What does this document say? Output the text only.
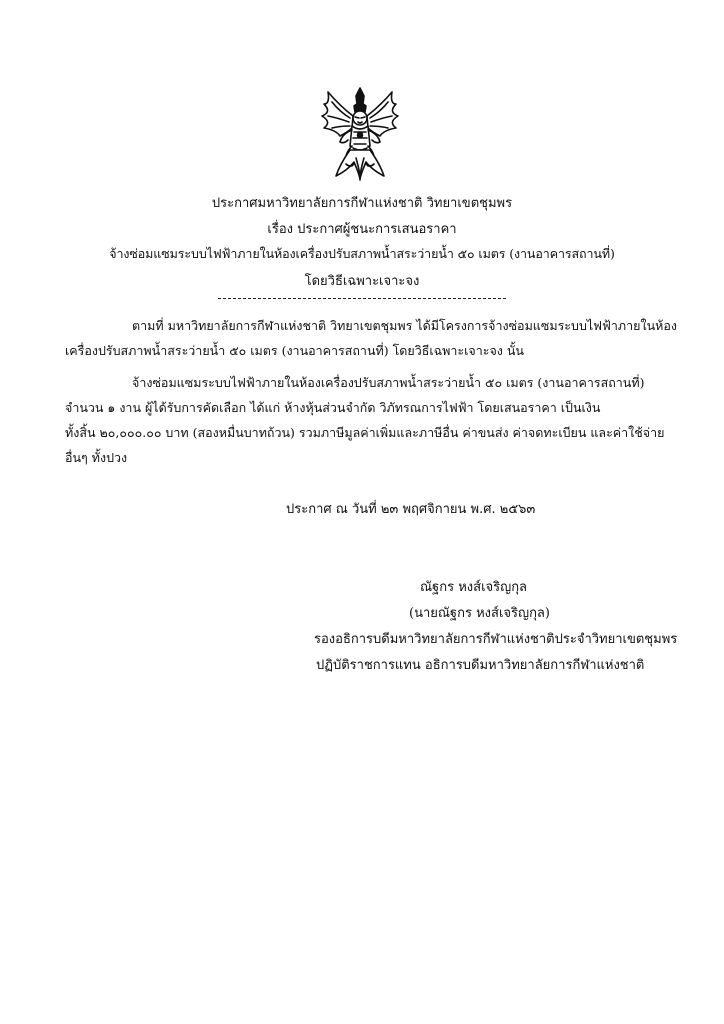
ประกาศมหาวิทยาลัยการกีฬาแห่งชาติ วิทยาเขตชุมพร
เรื่อง ประกาศผู้ชนะการเสนอราคา
จ้างซ่อมแซมระบบไฟฟ้าภายในห้องเครื่องปรับสภาพน้ำสระว่ายน้ำ ๕๐ เมตร (งานอาคารสถานที่)
โดยวิธีเฉพาะเจาะจง
ตามที่ มหาวิทยาลัยการกีฬาแห่งชาติ วิทยาเขตชุมพร ได้มีโครงการจ้างซ่อมแซมระบบไฟฟ้าภายในห้อง
เครื่องปรับสภาพน้ำสระว่ายน้ำ ๕๐ เมตร (งานอาคารสถานที่) โดยวิธีเฉพาะเจาะจง นั้น
จ้างซ่อมแซมระบบไฟฟ้าภายในห้องเครื่องปรับสภาพน้ำสระว่ายน้ำ ๕๐ เมตร (งานอาคารสถานที่)
จำนวน ๑ งาน ผู้ได้รับการคัดเลือก ได้แก่ ห้างหุ้นส่วนจำกัด วิภัทรณการไฟฟ้า โดยเสนอราคา เป็นเงิน
ทั้งสิ้น ๒๐,๐๐๐.๐๐ บาท (สองหมื่นบาทถ้วน) รวมภาษีมูลค่าเพิ่มและภาษีอื่น ค่าขนส่ง ค่าจดทะเบียน และค่าใช้จ่าย
อื่นๆ ทั้งปวง
ประกาศ ณ วันที่ ๒๓ พฤศจิกายน พ.ศ. ๒๕๖๓
ณัฐกร หงส์เจริญกุล
(นายณัฐกร หงส์เจริญกุล)
รองอธิการบดีมหาวิทยาลัยการกีฬาแห่งชาติประจำวิทยาเขตชุมพร
ปฏิบัติราชการแทน อธิการบดีมหาวิทยาลัยการกีฬาแห่งชาติ
